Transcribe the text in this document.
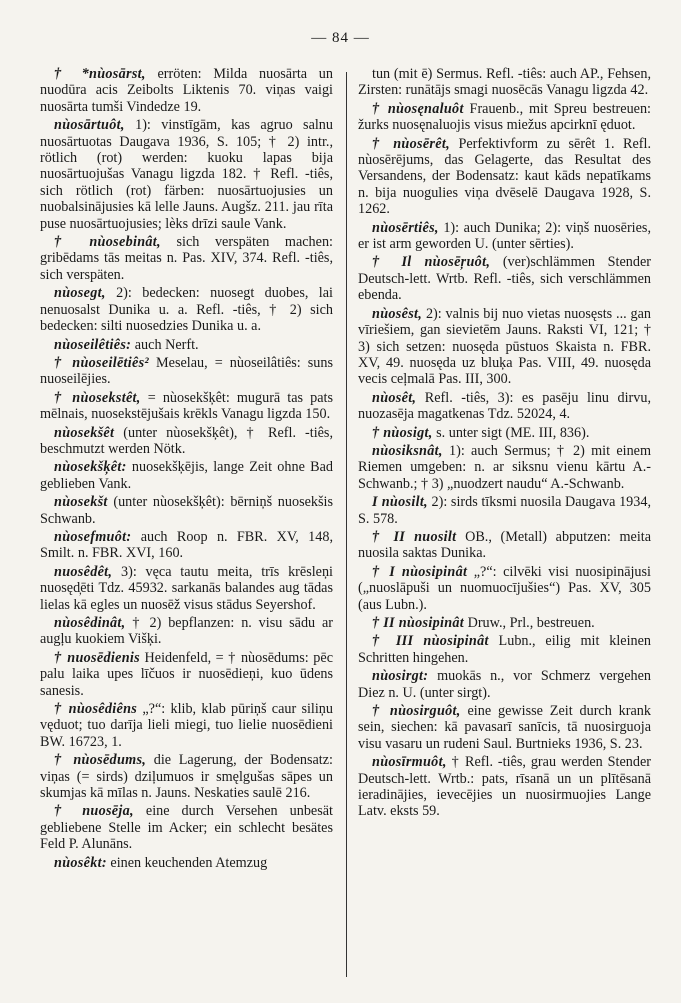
— 84 —

† *nùosārst, erröten: Milda nuosārta un nuodūra acis Zeibolts Liktenis 70. viņas vaigi nuosārta tumši Vindedze 19.

nùosārtuôt, 1): vinstīgām, kas agruo salnu nuosārtuotas Daugava 1936, S. 105; † 2) intr., rötlich (rot) werden: kuoku lapas bija nuosārtuojušas Vanagu ligzda 182. † Refl. -tiês, sich rötlich (rot) färben: nuosārtuojusies un nuobalsinājusies kā lelle Jauns. Augšz. 211. jau rīta puse nuosārtuojusies; lèks drīzi saule Vank.

† nùosebinât, sich verspäten machen: gribēdams tās meitas n. Pas. XIV, 374. Refl. -tiês, sich verspäten.

nùosegt, 2): bedecken: nuosegt duobes, lai nenuosalst Dunika u. a. Refl. -tiês, † 2) sich bedecken: silti nuosedzies Dunika u. a.

nùoseilêtiês: auch Nerft.

† nùoseilētiês² Meselau, = nùoseilâtiês: suns nuoseilējies.

† nùosekstêt, = nùosekšķêt: mugurā tas pats mēlnais, nuosekstējušais krēkls Vanagu ligzda 150.

nùosekšêt (unter nùosekšķêt), † Refl. -tiês, beschmutzt werden Nötk.

nùosekšķêt: nuosekšķējis, lange Zeit ohne Bad geblieben Vank.

nùosekšt (unter nùosekšķêt): bērniņš nuosekšis Schwanb.

nùosefmuôt: auch Roop n. FBR. XV, 148, Smilt. n. FBR. XVI, 160.

nuosêdêt, 3): vęca tautu meita, trīs krēsleņi nuosęd̦ēti Tdz. 45932. sarkanās balandes aug tādas lielas kā egles un nuosēž visus stādus Seyershof.

nùosêdinât, † 2) bepflanzen: n. visu sādu ar augļu kuokiem Višķi.

† nuosēdienis Heidenfeld, = † nùosēdums: pēc palu laika upes līčuos ir nuosēdieņi, kuo ūdens sanesis.

† nùosêdiêns „?“: klib, klab pūriņš caur siliņu vęduot; tuo darīja lieli miegi, tuo lielie nuosēdieni BW. 16723, 1.

† nùosēdums, die Lagerung, der Bodensatz: viņas (= sirds) dziļumuos ir smęlgušas sāpes un skumjas kā mīlas n. Jauns. Neskaties saulē 216.

† nuosēja, eine durch Versehen unbesät gebliebene Stelle im Acker; ein schlecht besätes Feld P. Alunāns.

nùosêkt: einen keuchenden Atemzug

tun (mit ē) Sermus. Refl. -tiês: auch AP., Fehsen, Zirsten: runātājs smagi nuosēcās Vanagu ligzda 42.

† nùosęnaluôt Frauenb., mit Spreu bestreuen: žurks nuosęnaluojis visus miežus apcirknī ęduot.

† nùosērêt, Perfektivform zu sērêt 1. Refl. nùosērējums, das Gelagerte, das Resultat des Versandens, der Bodensatz: kaut kāds nepatīkams n. bija nuogulies viņa dvēselē Daugava 1928, S. 1262.

nùosērtiês, 1): auch Dunika; 2): viņš nuosēries, er ist arm geworden U. (unter sērties).

† Il nùosēŗuôt, (ver)schlämmen Stender Deutsch-lett. Wrtb. Refl. -tiês, sich verschlämmen ebenda.

nùosêst, 2): valnis bij nuo vietas nuosęsts ... gan vīriešiem, gan sievietēm Jauns. Raksti VI, 121; † 3) sich setzen: nuosęda pūstuos Skaista n. FBR. XV, 49. nuosęda uz bluķa Pas. VIII, 49. nuosęda vecis ceļmalā Pas. III, 300.

nùosêt, Refl. -tiês, 3): es pasēju linu dirvu, nuozasēja magatkenas Tdz. 52024, 4.

† nùosigt, s. unter sigt (ME. III, 836).

nùosiksnât, 1): auch Sermus; † 2) mit einem Riemen umgeben: n. ar siksnu vienu kārtu A.-Schwanb.; † 3) „nuodzert naudu“ A.-Schwanb.

I nùosilt, 2): sirds tīksmi nuosila Daugava 1934, S. 578.

† II nuosilt OB., (Metall) abputzen: meita nuosila saktas Dunika.

† I nùosipinât „?“: cilvēki visi nuosipinājusi („nuoslāpuši un nuomuocījušies“) Pas. XV, 305 (aus Lubn.).

† II nùosipinât Druw., Prl., bestreuen.

† III nùosipinât Lubn., eilig mit kleinen Schritten hingehen.

nùosirgt: muokās n., vor Schmerz vergehen Diez n. U. (unter sirgt).

† nùosirguôt, eine gewisse Zeit durch krank sein, siechen: kā pavasarī sanīcis, tā nuosirguoja visu vasaru un rudeni Saul. Burtnieks 1936, S. 23.

nùosīrmuôt, † Refl. -tiês, grau werden Stender Deutsch-lett. Wrtb.: pats, rīsanā un un plītēsanā ieradinājies, ievecējies un nuosirmuojies Lange Latv. eksts 59.
